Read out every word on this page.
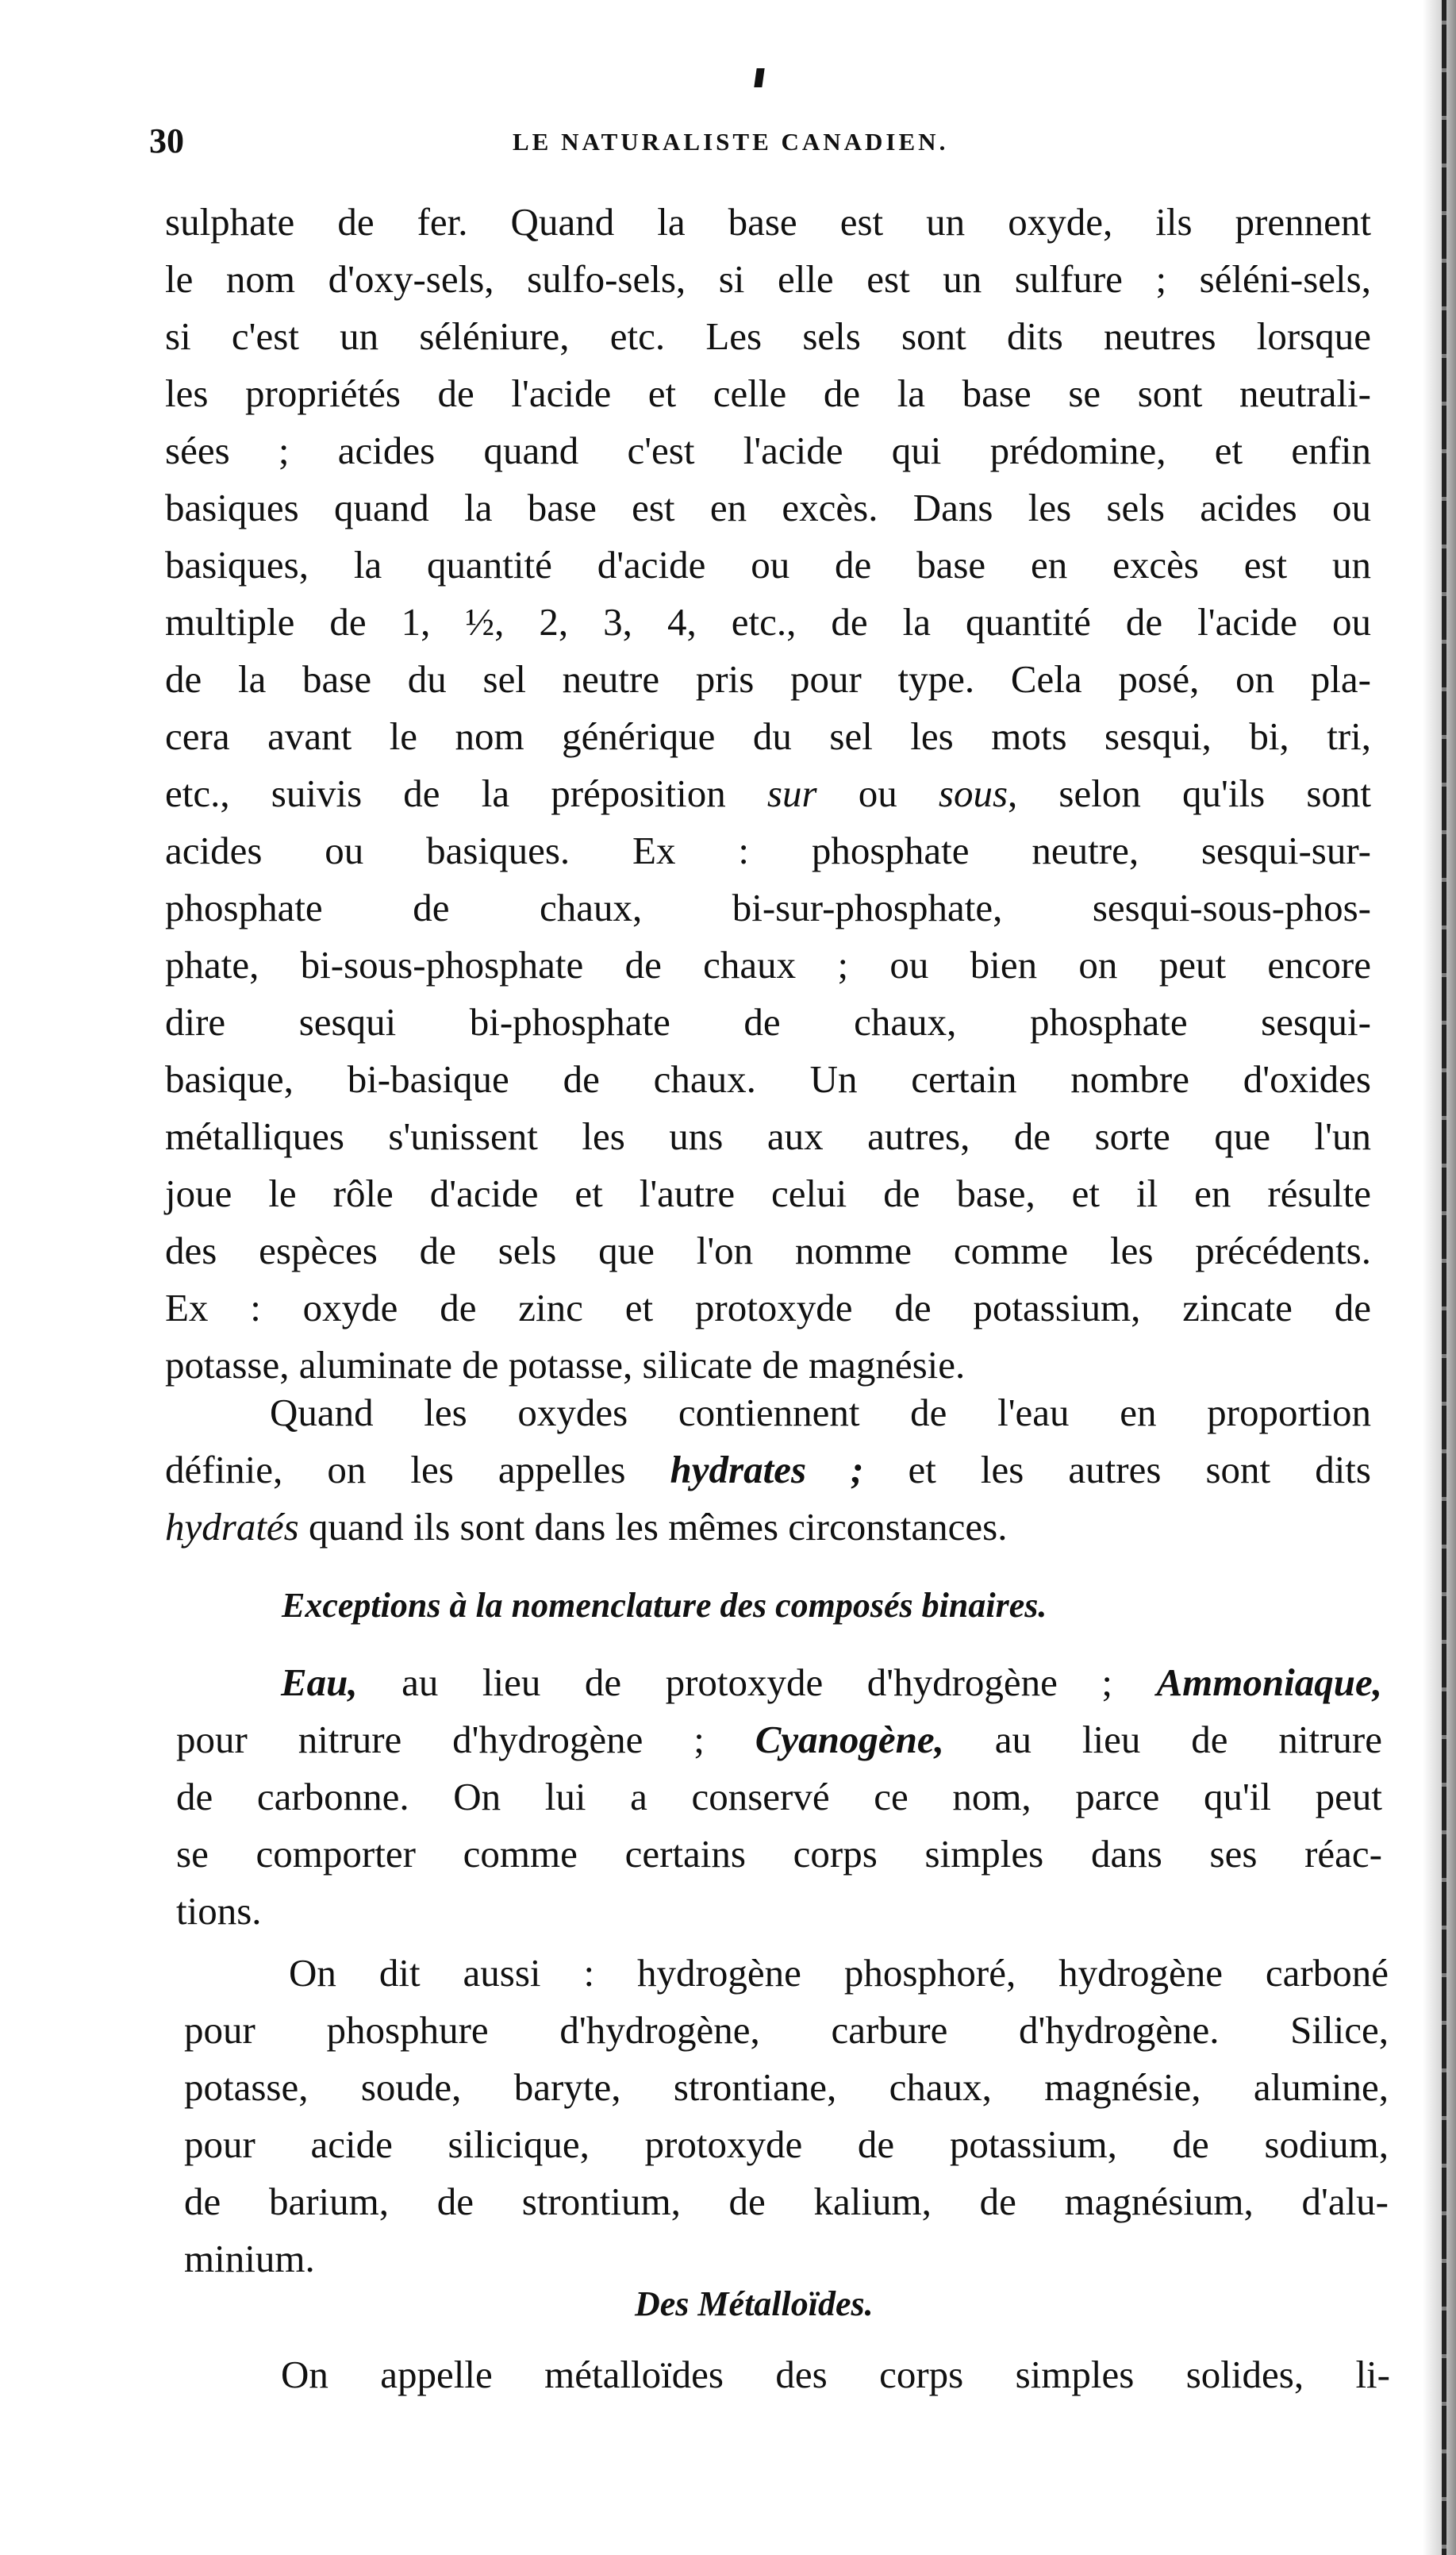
30	LE NATURALISTE CANADIEN.
sulphate de fer. Quand la base est un oxyde, ils prennent
le nom d'oxy-sels, sulfo-sels, si elle est un sulfure ; séléni-sels,
si c'est un séléniure, etc. Les sels sont dits neutres lorsque
les propriétés de l'acide et celle de la base se sont neutrali-
sées ; acides quand c'est l'acide qui prédomine, et enfin
basiques quand la base est en excès. Dans les sels acides ou
basiques, la quantité d'acide ou de base en excès est un
multiple de 1, ½, 2, 3, 4, etc., de la quantité de l'acide ou
de la base du sel neutre pris pour type. Cela posé, on pla-
cera avant le nom générique du sel les mots sesqui, bi, tri,
etc., suivis de la préposition sur ou sous, selon qu'ils sont
acides ou basiques. Ex : phosphate neutre, sesqui-sur-
phosphate de chaux, bi-sur-phosphate, sesqui-sous-phos-
phate, bi-sous-phosphate de chaux ; ou bien on peut encore
dire sesqui bi-phosphate de chaux, phosphate sesqui-
basique, bi-basique de chaux. Un certain nombre d'oxides
métalliques s'unissent les uns aux autres, de sorte que l'un
joue le rôle d'acide et l'autre celui de base, et il en résulte
des espèces de sels que l'on nomme comme les précédents.
Ex : oxyde de zinc et protoxyde de potassium, zincate de
potasse, aluminate de potasse, silicate de magnésie.
Quand les oxydes contiennent de l'eau en proportion
définie, on les appelles hydrates ; et les autres sont dits
hydratés quand ils sont dans les mêmes circonstances.
Exceptions à la nomenclature des composés binaires.
Eau, au lieu de protoxyde d'hydrogène ; Ammoniaque,
pour nitrure d'hydrogène ; Cyanogène, au lieu de nitrure
de carbonne. On lui a conservé ce nom, parce qu'il peut
se comporter comme certains corps simples dans ses réac-
tions.
On dit aussi : hydrogène phosphoré, hydrogène carboné
pour phosphure d'hydrogène, carbure d'hydrogène. Silice,
potasse, soude, baryte, strontiane, chaux, magnésie, alumine,
pour acide silicique, protoxyde de potassium, de sodium,
de barium, de strontium, de kalium, de magnésium, d'alu-
minium.
Des Métalloïdes.
On appelle métalloïdes des corps simples solides, li-
